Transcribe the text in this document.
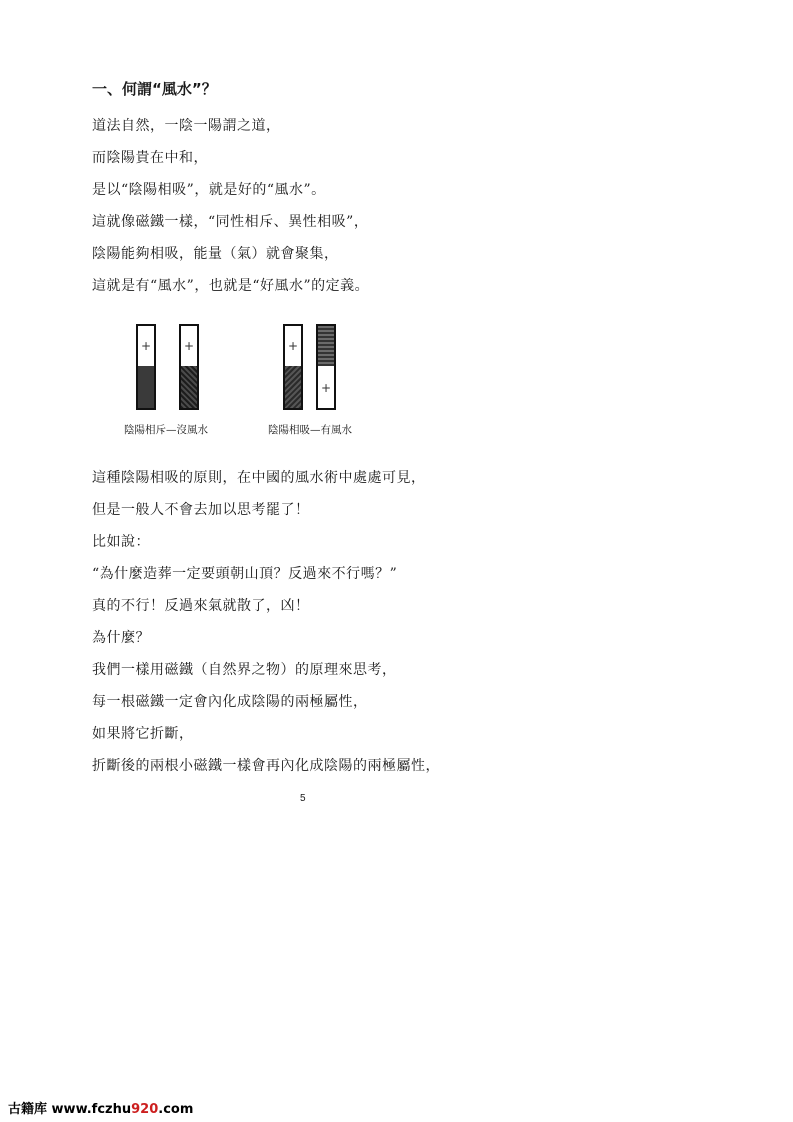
一、何謂“風水”？
道法自然，一陰一陽謂之道，
而陰陽貴在中和，
是以“陰陽相吸”，就是好的“風水”。
這就像磁鐵一樣，“同性相斥、異性相吸”，
陰陽能夠相吸，能量（氣）就會聚集，
這就是有“風水”，也就是“好風水”的定義。
+	+
陰陽相斥—沒風水
+
+
陰陽相吸—有風水
這種陰陽相吸的原則，在中國的風水術中處處可見，
但是一般人不會去加以思考罷了！
比如說：
“為什麼造葬一定要頭朝山頂？反過來不行嗎？”
真的不行！反過來氣就散了，凶！
為什麼？
我們一樣用磁鐵（自然界之物）的原理來思考，
每一根磁鐵一定會內化成陰陽的兩極屬性，
如果將它折斷，
折斷後的兩根小磁鐵一樣會再內化成陰陽的兩極屬性，
5
古籍库 www.fczhu920.com
